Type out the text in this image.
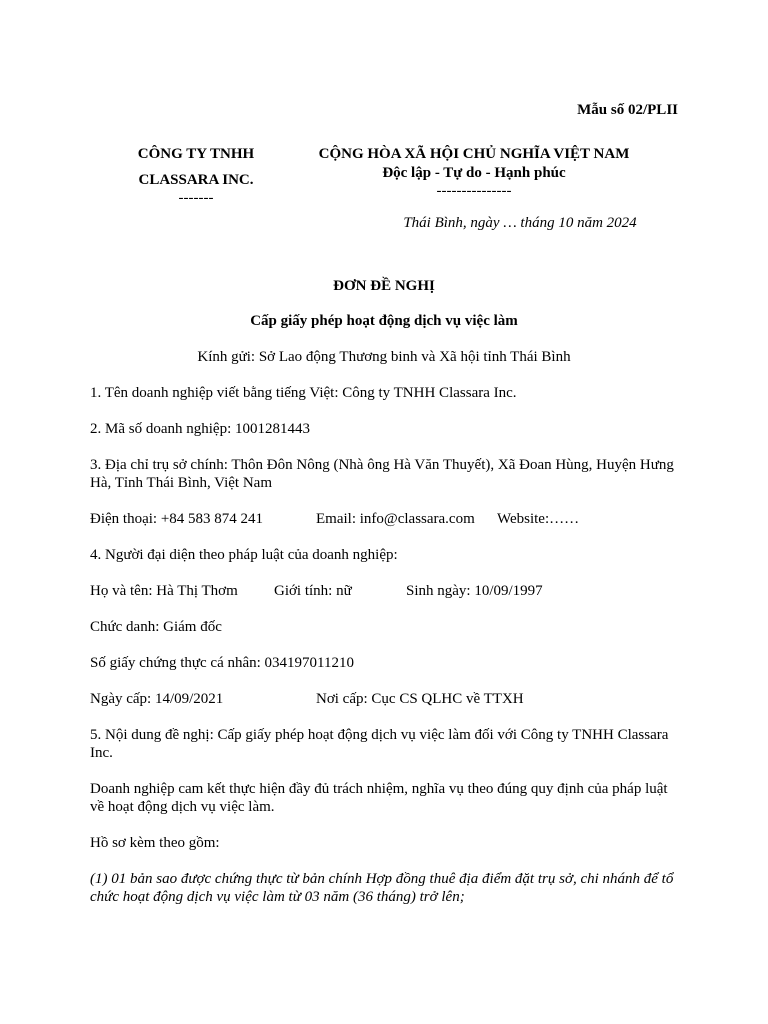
Mẫu số 02/PLII
CÔNG TY TNHH
CLASSARA INC.
-------
CỘNG HÒA XÃ HỘI CHỦ NGHĨA VIỆT NAM
Độc lập - Tự do - Hạnh phúc
---------------
Thái Bình, ngày … tháng 10 năm 2024
ĐƠN ĐỀ NGHỊ
Cấp giấy phép hoạt động dịch vụ việc làm
Kính gửi: Sở Lao động Thương binh và Xã hội tỉnh Thái Bình
1. Tên doanh nghiệp viết bằng tiếng Việt: Công ty TNHH Classara Inc.
2. Mã số doanh nghiệp: 1001281443
3. Địa chỉ trụ sở chính: Thôn Đôn Nông (Nhà ông Hà Văn Thuyết), Xã Đoan Hùng, Huyện Hưng Hà, Tỉnh Thái Bình, Việt Nam
Điện thoại: +84 583 874 241	Email: info@classara.com Website:……
4. Người đại diện theo pháp luật của doanh nghiệp:
Họ và tên: Hà Thị Thơm Giới tính: nữ	Sinh ngày: 10/09/1997
Chức danh: Giám đốc
Số giấy chứng thực cá nhân: 034197011210
Ngày cấp: 14/09/2021	Nơi cấp: Cục CS QLHC về TTXH
5. Nội dung đề nghị: Cấp giấy phép hoạt động dịch vụ việc làm đối với Công ty TNHH Classara Inc.
Doanh nghiệp cam kết thực hiện đầy đủ trách nhiệm, nghĩa vụ theo đúng quy định của pháp luật về hoạt động dịch vụ việc làm.
Hồ sơ kèm theo gồm:
(1) 01 bản sao được chứng thực từ bản chính Hợp đồng thuê địa điểm đặt trụ sở, chi nhánh để tổ chức hoạt động dịch vụ việc làm từ 03 năm (36 tháng) trở lên;
